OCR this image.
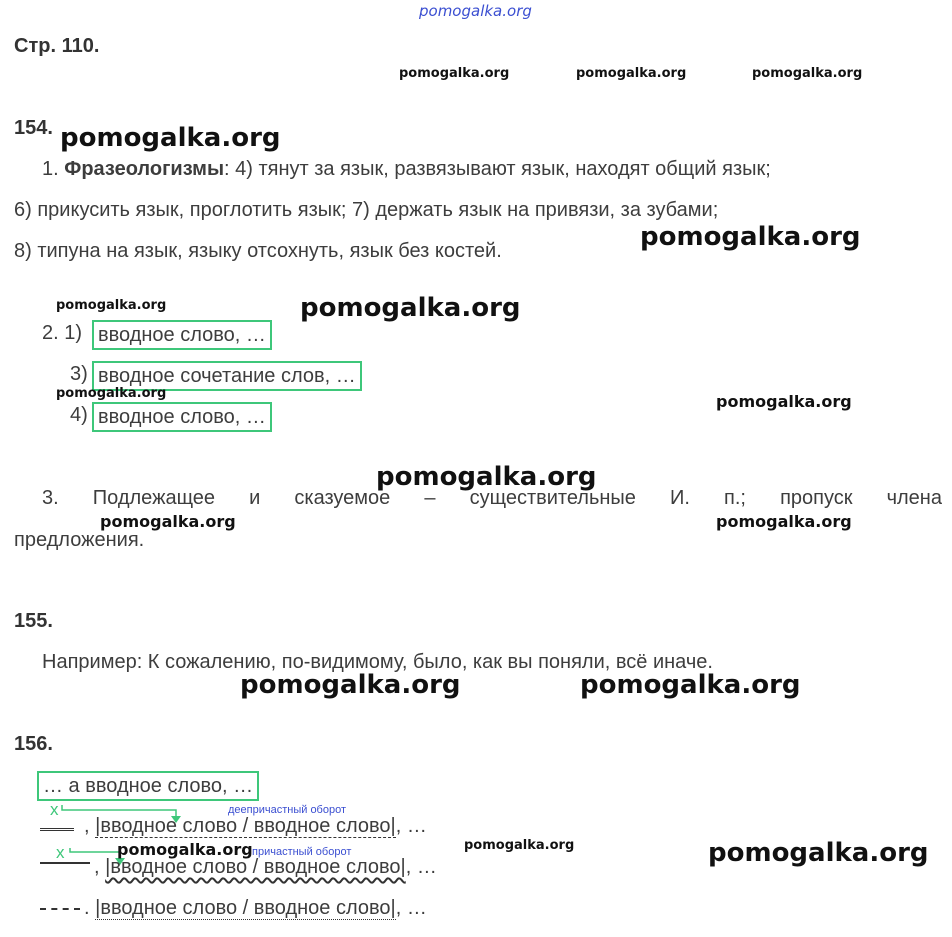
pomogalka.org
Стр. 110.
pomogalka.org	pomogalka.org	pomogalka.org
154. pomogalka.org
1. Фразеологизмы: 4) тянут за язык, развязывают язык, находят общий язык;
6) прикусить язык, проглотить язык; 7) держать язык на привязи, за зубами;
8) типуна на язык, языку отсохнуть, язык без костей.	pomogalka.org
pomogalka.org	pomogalka.org
2. 1) вводное слово, …
3) вводное сочетание слов, …
pomogalka.org
4) вводное слово, …
pomogalka.org
pomogalka.org
3. Подлежащее и сказуемое – существительные И. п.; пропуск члена
предложения.
pomogalka.org	pomogalka.org
155.
Например: К сожалению, по-видимому, было, как вы поняли, всё иначе.
pomogalka.org	pomogalka.org
156.
… а вводное слово, …
х	деепричастный оборот
, |вводное слово / вводное слово|, …
х	причастный оборот
, |вводное слово / вводное слово|, …
pomogalka.org	pomogalka.org	pomogalka.org
. |вводное слово / вводное слово|, …
